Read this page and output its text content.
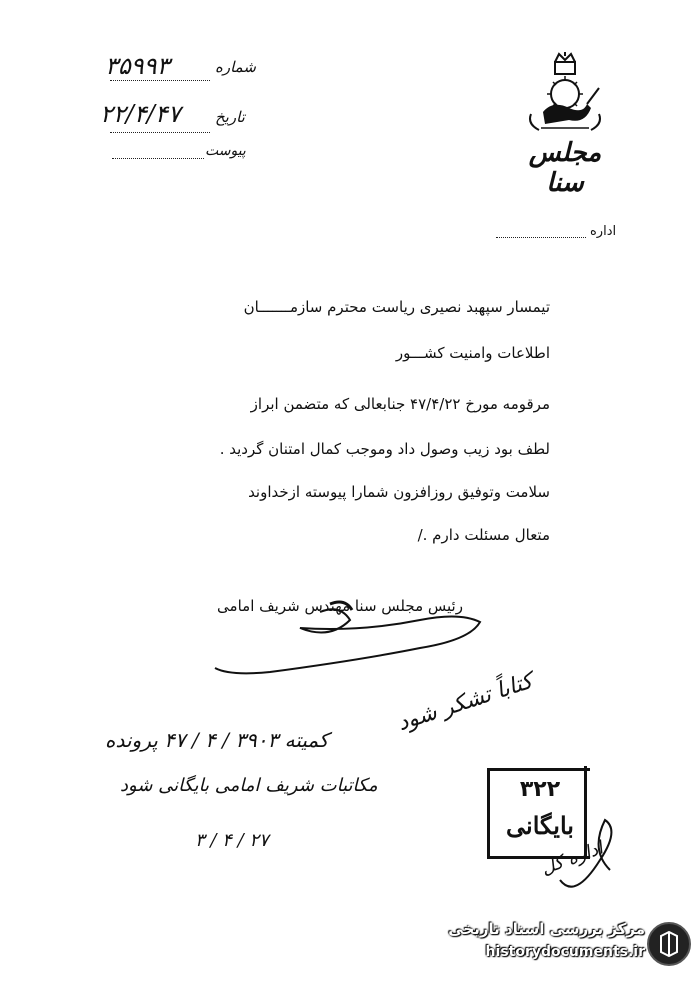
شماره
۳۵۹۹۳
تاریخ
۲۲/۴/۴۷
پیوست	مجلس سنا
اداره
تیمسار سپهبد نصیری ریاست محترم سازمـــــــان
اطلاعات وامنیت کشـــور
مرقومه مورخ ۴۷/۴/۲۲ جنابعالی که متضمن ابراز
لطف بود زیب وصول داد وموجب کمال امتنان گردید .
سلامت وتوفیق روزافزون شمارا پیوسته ازخداوند
متعال مسئلت دارم ./
رئیس مجلس سنا مهندس شریف امامی
کمیته ۳۹۰۳ / ۴ / ۴۷ پرونده
مکاتبات شریف امامی بایگانی شود
۳ / ۴ / ۲۷
کتاباً تشکر شود
۳۲۲
بایگانی
اداره کل
مرکز بررسی اسناد تاریخی
historydocuments.ir
